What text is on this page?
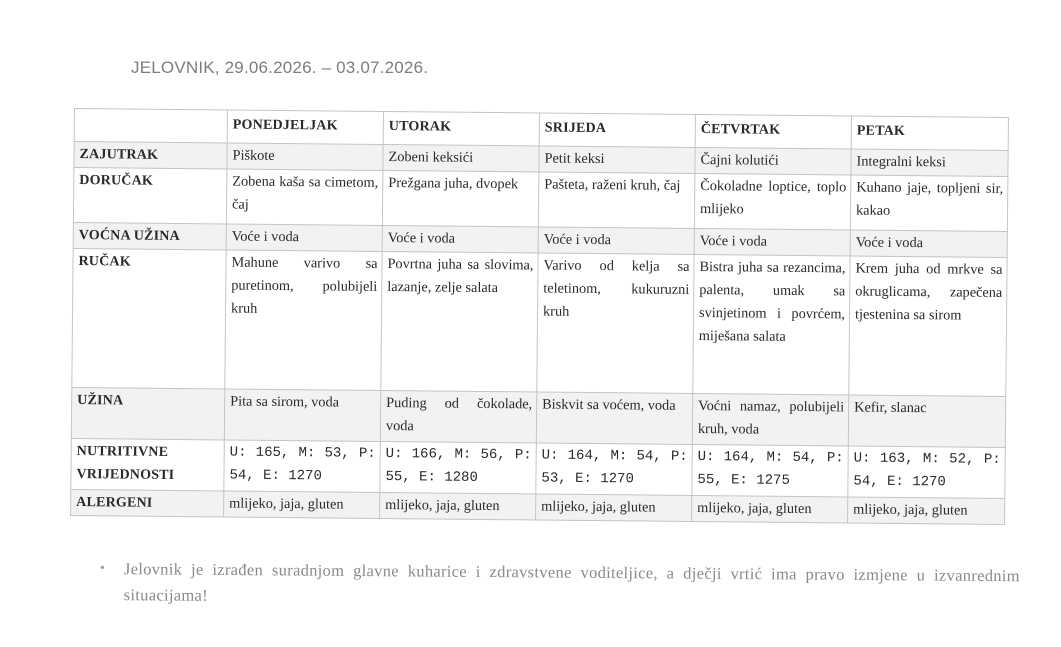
JELOVNIK, 29.06.2026. – 03.07.2026.
	PONEDJELJAK	UTORAK	SRIJEDA	ČETVRTAK	PETAK
ZAJUTRAK	Piškote	Zobeni keksići	Petit keksi	Čajni kolutići	Integralni keksi
DORUČAK	Zobena kaša sa cimetom, čaj	Prežgana juha, dvopek	Pašteta, raženi kruh, čaj	Čokoladne loptice, toplo mlijeko	Kuhano jaje, topljeni sir, kakao
VOĆNA UŽINA	Voće i voda	Voće i voda	Voće i voda	Voće i voda	Voće i voda
RUČAK	Mahune varivo sa puretinom, polubijeli kruh	Povrtna juha sa slovima, lazanje, zelje salata	Varivo od kelja sa teletinom, kukuruzni kruh	Bistra juha sa rezancima, palenta, umak sa svinjetinom i povrćem, miješana salata	Krem juha od mrkve sa okruglicama, zapečena tjestenina sa sirom
UŽINA	Pita sa sirom, voda	Puding od čokolade, voda	Biskvit sa voćem, voda	Voćni namaz, polubijeli kruh, voda	Kefir, slanac
NUTRITIVNE VRIJEDNOSTI	U: 165, M: 53, P: 54, E: 1270	U: 166, M: 56, P: 55, E: 1280	U: 164, M: 54, P: 53, E: 1270	U: 164, M: 54, P: 55, E: 1275	U: 163, M: 52, P: 54, E: 1270
ALERGENI	mlijeko, jaja, gluten	mlijeko, jaja, gluten	mlijeko, jaja, gluten	mlijeko, jaja, gluten	mlijeko, jaja, gluten
• Jelovnik je izrađen suradnjom glavne kuharice i zdravstvene voditeljice, a dječji vrtić ima pravo izmjene u izvanrednim situacijama!
